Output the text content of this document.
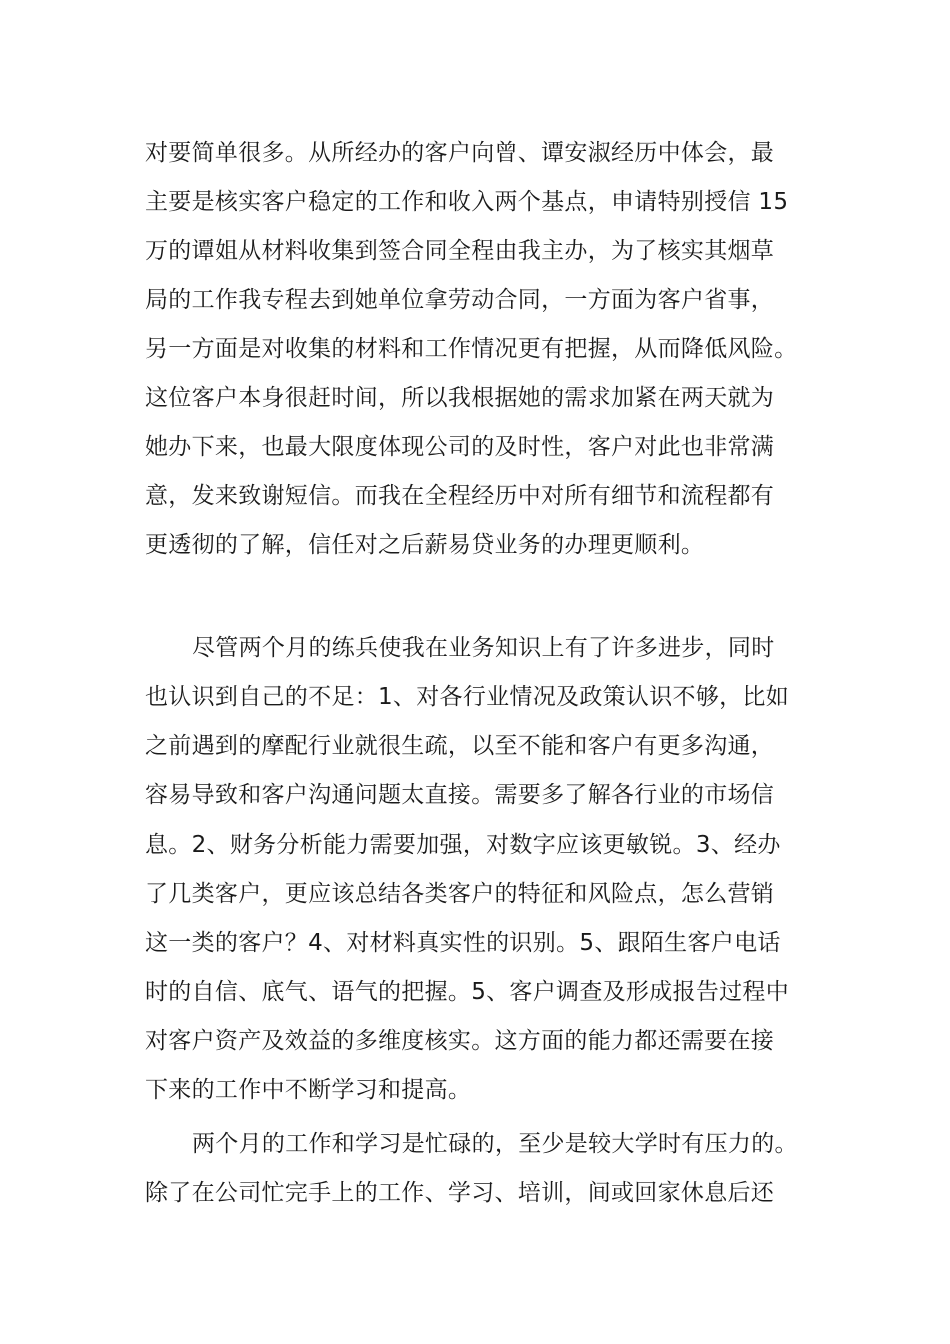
对要简单很多。从所经办的客户向曾、谭安淑经历中体会，最
主要是核实客户稳定的工作和收入两个基点，申请特别授信 15
万的谭姐从材料收集到签合同全程由我主办，为了核实其烟草
局的工作我专程去到她单位拿劳动合同，一方面为客户省事，
另一方面是对收集的材料和工作情况更有把握，从而降低风险。
这位客户本身很赶时间，所以我根据她的需求加紧在两天就为
她办下来，也最大限度体现公司的及时性，客户对此也非常满
意，发来致谢短信。而我在全程经历中对所有细节和流程都有
更透彻的了解，信任对之后薪易贷业务的办理更顺利。
尽管两个月的练兵使我在业务知识上有了许多进步，同时
也认识到自己的不足：1、对各行业情况及政策认识不够，比如
之前遇到的摩配行业就很生疏，以至不能和客户有更多沟通，
容易导致和客户沟通问题太直接。需要多了解各行业的市场信
息。2、财务分析能力需要加强，对数字应该更敏锐。3、经办
了几类客户，更应该总结各类客户的特征和风险点，怎么营销
这一类的客户？4、对材料真实性的识别。5、跟陌生客户电话
时的自信、底气、语气的把握。5、客户调查及形成报告过程中
对客户资产及效益的多维度核实。这方面的能力都还需要在接
下来的工作中不断学习和提高。
两个月的工作和学习是忙碌的，至少是较大学时有压力的。
除了在公司忙完手上的工作、学习、培训，间或回家休息后还
